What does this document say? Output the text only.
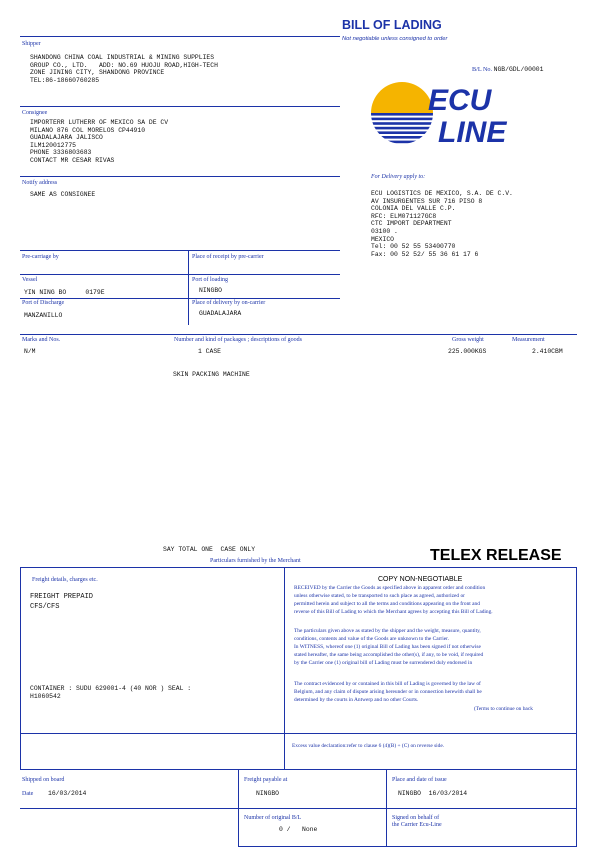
BILL OF LADING
Not negotiable unless consigned to order
B/L No. NGB/GDL/00001
ECU
LINE
Shipper
SHANDONG CHINA COAL INDUSTRIAL & MINING SUPPLIES
GROUP CO., LTD.   ADD: NO.69 HUOJU ROAD,HIGH-TECH
ZONE JINING CITY, SHANDONG PROVINCE
TEL:86-18660760285
Consignee
IMPORTERR LUTHERR OF MEXICO SA DE CV
MILANO 876 COL MORELOS CP44910
GUADALAJARA JALISCO
ILM120012775
PHONE 3336803683
CONTACT MR CESAR RIVAS
Notify address
SAME AS CONSIGNEE
For Delivery apply to:
ECU LOGISTICS DE MEXICO, S.A. DE C.V.
AV INSURGENTES SUR 716 PISO 8
COLONIA DEL VALLE C.P.
RFC: ELM071127GC8
CTC IMPORT DEPARTMENT
03100 .
MEXICO
Tel: 00 52 55 53400770
Fax: 00 52 52/ 55 36 61 17 6
Pre-carriage by	Place of receipt by pre-carrier
Vessel
YIN NING BO     0179E
Port of loading
NINGBO
Port of Discharge
MANZANILLO
Place of delivery by on-carrier
GUADALAJARA
Marks and Nos.	Number and kind of packages ; descriptions of goods	Gross weight	Measurement
N/M	1 CASE	225.000KGS	2.410CBM
SKIN PACKING MACHINE
SAY TOTAL ONE  CASE ONLY
Particulars furnished by the Merchant	TELEX RELEASE
Freight details, charges etc.
FREIGHT PREPAID
CFS/CFS
CONTAINER : SUDU 629001-4 (40 NOR ) SEAL :
H1060542
COPY NON-NEGOTIABLE
RECEIVED by the Carrier the Goods as specified above in apparent order and condition
unless otherwise stated, to be transported to such place as agreed, authorized or
permitted herein and subject to all the terms and conditions appearing on the front and
reverse of this Bill of Lading to which the Merchant agrees by accepting this Bill of Lading.
The particulars given above as stated by the shipper and the weight, measure, quantity,
conditions, contents and value of the Goods are unknown to the Carrier.
In WITNESS, whereof one (1) original Bill of Lading has been signed if not otherwise
stated hereafter, the same being accomplished the other(s), if any, to be void, if required
by the Carrier one (1) original bill of Lading must be surrendered duly endorsed in
The contract evidenced by or contained in this bill of Lading is governed by the law of
Belgium, and any claim of dispute arising hereunder or in connection herewith shall be
determined by the courts in Antwerp and no other Courts.
(Terms to continue on back
Excess value declaration:refer to clause 6 (4)(B) + (C) on reverse side.
Shipped on board
Date 16/03/2014
Freight payable at
NINGBO
Place and date of issue
NINGBO  16/03/2014
Number of original B/L
0 /   None
Signed on behalf of
the Carrier Ecu-Line
